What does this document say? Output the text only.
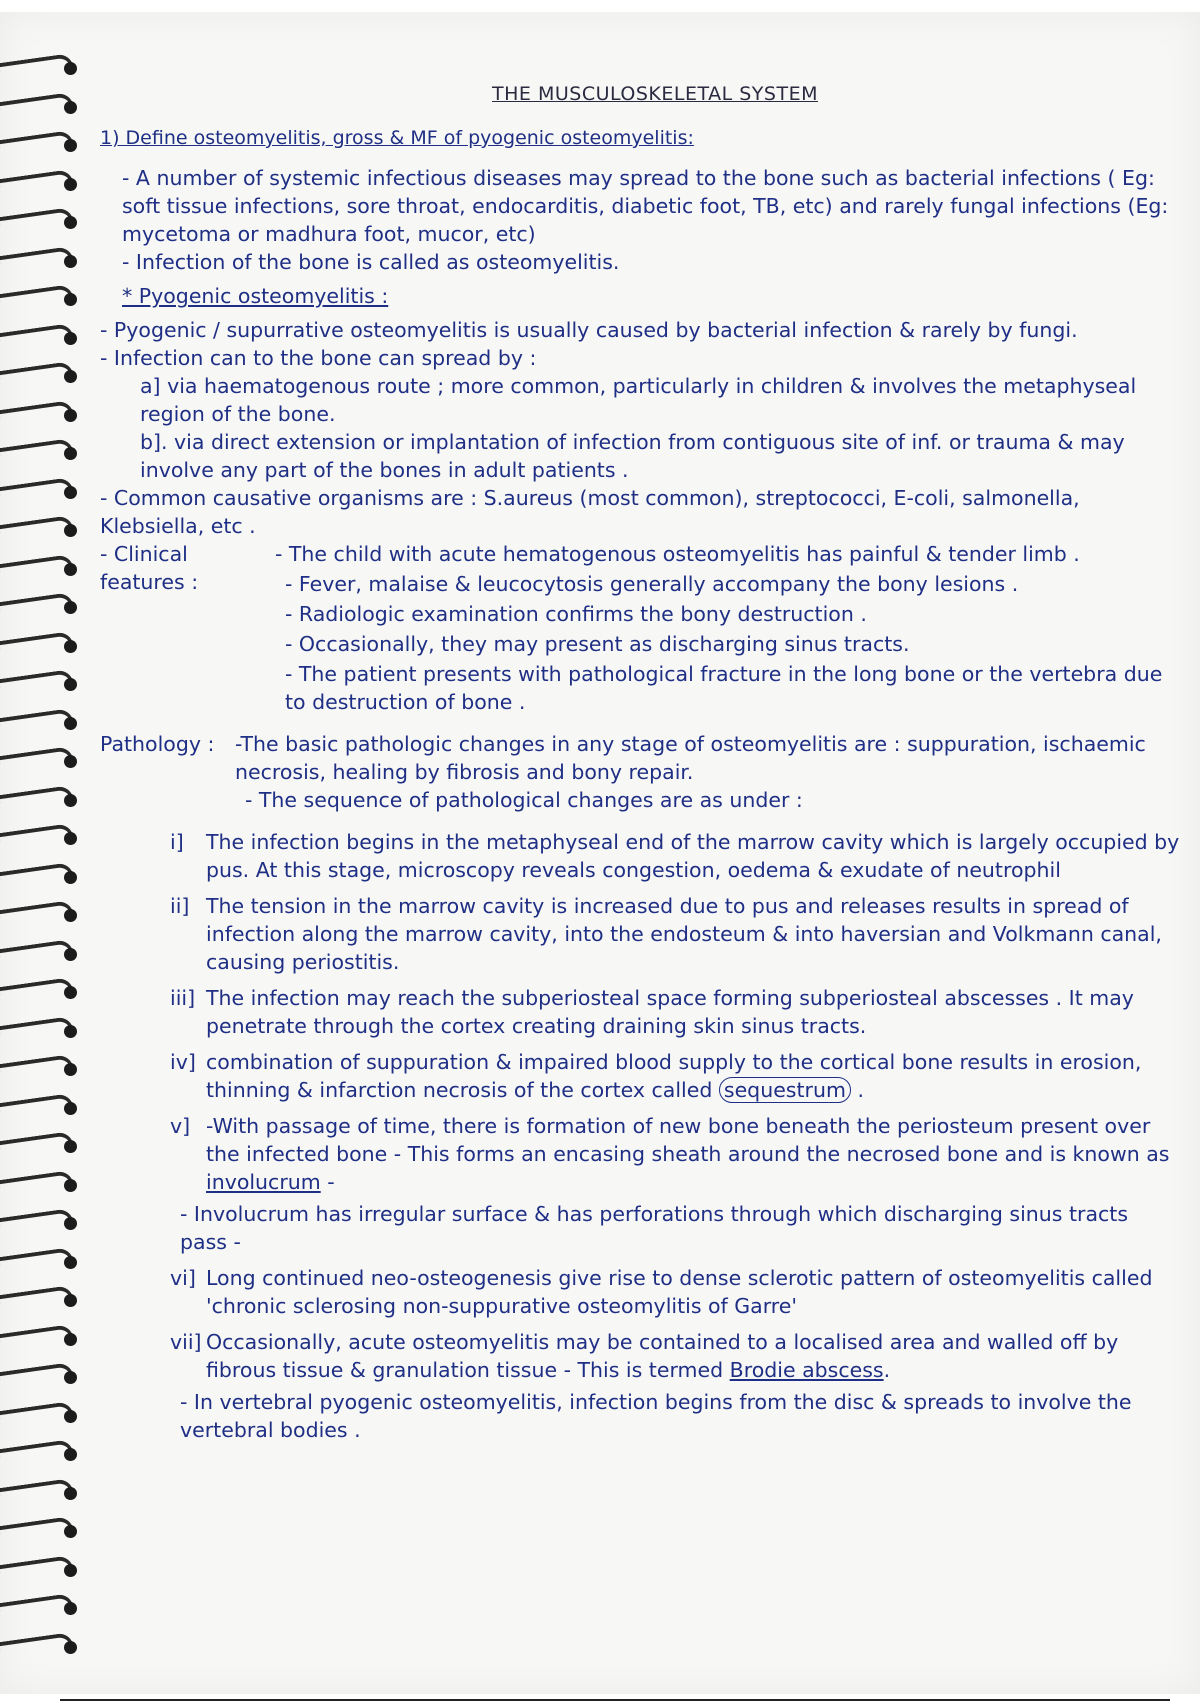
THE MUSCULOSKELETAL SYSTEM
1) Define osteomyelitis, gross & MF of pyogenic osteomyelitis:
- A number of systemic infectious diseases may spread to the bone such as bacterial infections ( Eg: soft tissue infections, sore throat, endocarditis, diabetic foot, TB, etc) and rarely fungal infections (Eg: mycetoma or madhura foot, mucor, etc)
- Infection of the bone is called as osteomyelitis.
* Pyogenic osteomyelitis :
- Pyogenic / supurrative osteomyelitis is usually caused by bacterial infection & rarely by fungi.
- Infection can to the bone can spread by :
a] via haematogenous route ; more common, particularly in children & involves the metaphyseal region of the bone.
b]. via direct extension or implantation of infection from contiguous site of inf. or trauma & may involve any part of the bones in adult patients .
- Common causative organisms are : S.aureus (most common), streptococci, E-coli, salmonella, Klebsiella, etc .
- Clinical features :
- The child with acute hematogenous osteomyelitis has painful & tender limb .
- Fever, malaise & leucocytosis generally accompany the bony lesions .
- Radiologic examination confirms the bony destruction .
- Occasionally, they may present as discharging sinus tracts.
- The patient presents with pathological fracture in the long bone or the vertebra due to destruction of bone .
Pathology :	-The basic pathologic changes in any stage of osteomyelitis are : suppuration, ischaemic necrosis, healing by fibrosis and bony repair.
- The sequence of pathological changes are as under :
i]	The infection begins in the metaphyseal end of the marrow cavity which is largely occupied by pus. At this stage, microscopy reveals congestion, oedema & exudate of neutrophil
ii] The tension in the marrow cavity is increased due to pus and releases results in spread of infection along the marrow cavity, into the endosteum & into haversian and Volkmann canal, causing periostitis.
iii] The infection may reach the subperiosteal space forming subperiosteal abscesses . It may penetrate through the cortex creating draining skin sinus tracts.
iv] combination of suppuration & impaired blood supply to the cortical bone results in erosion, thinning & infarction necrosis of the cortex called sequestrum .
v] -With passage of time, there is formation of new bone beneath the periosteum present over the infected bone - This forms an encasing sheath around the necrosed bone and is known as involucrum -
- Involucrum has irregular surface & has perforations through which discharging sinus tracts pass -
vi] Long continued neo-osteogenesis give rise to dense sclerotic pattern of osteomyelitis called 'chronic sclerosing non-suppurative osteomylitis of Garre'
vii] Occasionally, acute osteomyelitis may be contained to a localised area and walled off by fibrous tissue & granulation tissue - This is termed Brodie abscess.
- In vertebral pyogenic osteomyelitis, infection begins from the disc & spreads to involve the vertebral bodies .
